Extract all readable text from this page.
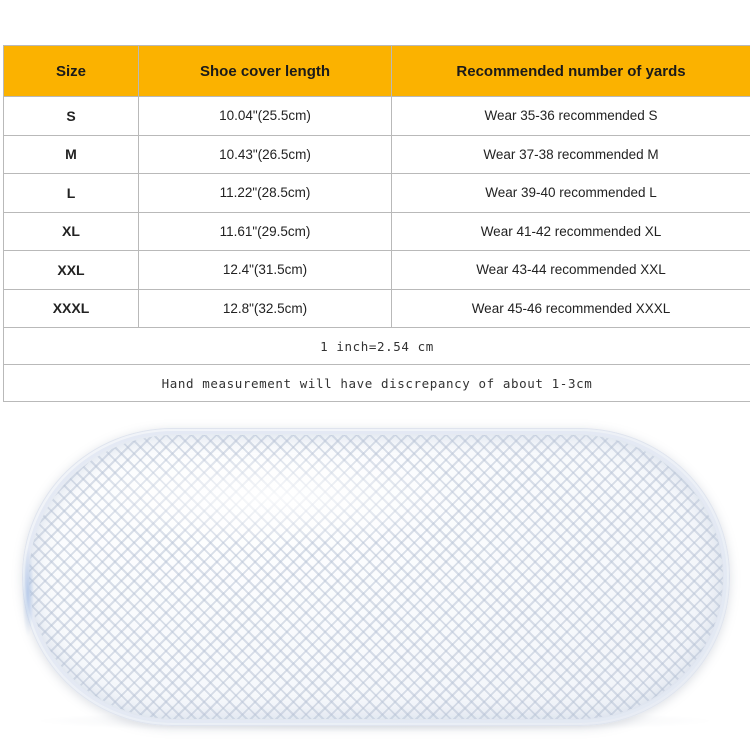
Size	Shoe cover length	Recommended number of yards
S	10.04"(25.5cm)	Wear 35-36 recommended S
M	10.43"(26.5cm)	Wear 37-38 recommended M
L	11.22"(28.5cm)	Wear 39-40 recommended L
XL	11.61"(29.5cm)	Wear 41-42 recommended XL
XXL	12.4"(31.5cm)	Wear 43-44 recommended XXL
XXXL	12.8"(32.5cm)	Wear 45-46 recommended XXXL
1 inch=2.54 cm		
Hand measurement will have discrepancy of about 1-3cm		
